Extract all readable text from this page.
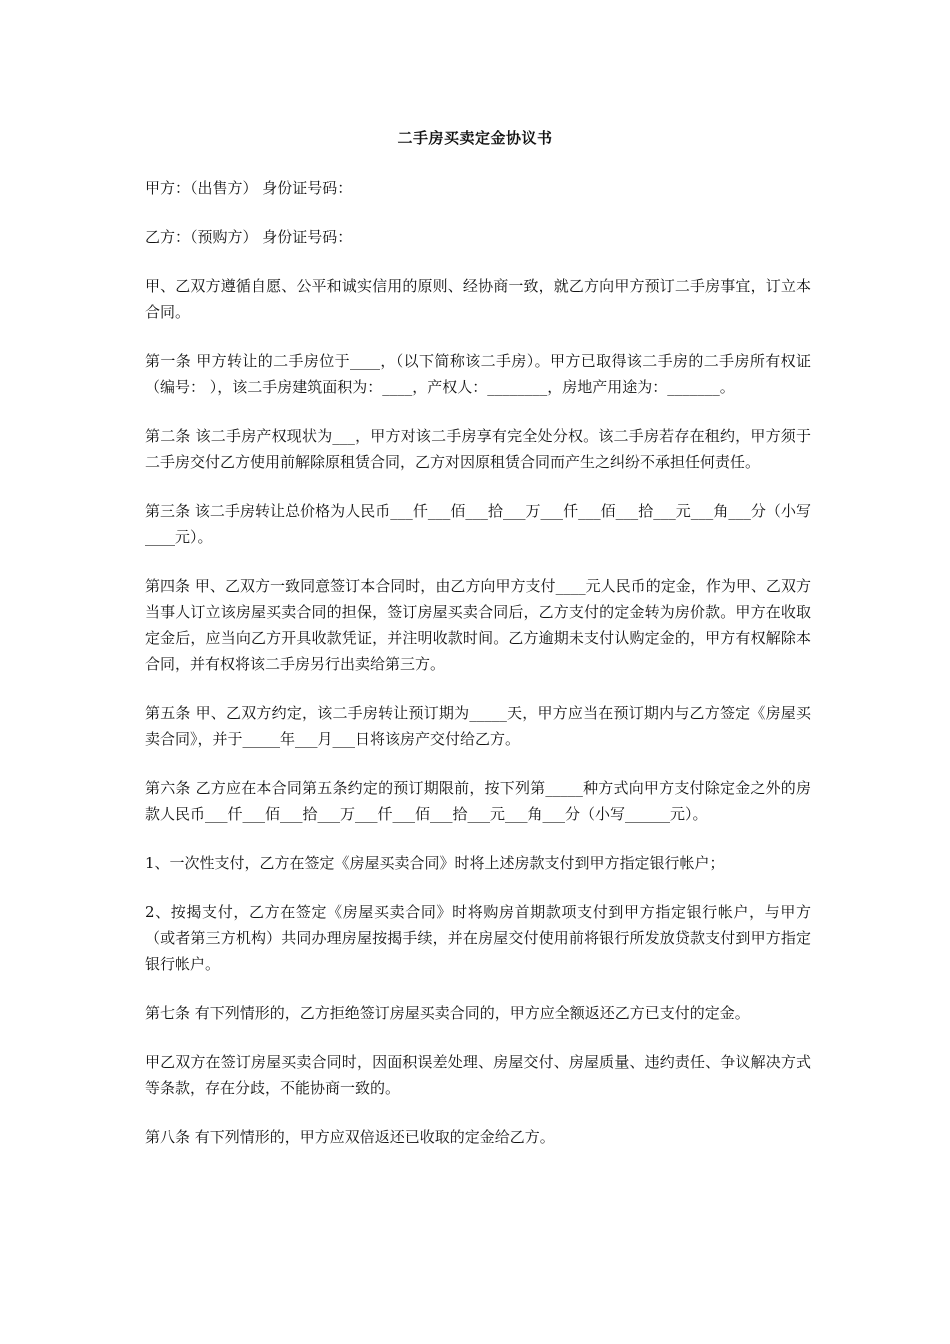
二手房买卖定金协议书

甲方：（出售方） 身份证号码：

乙方：（预购方） 身份证号码：

甲、乙双方遵循自愿、公平和诚实信用的原则、经协商一致，就乙方向甲方预订二手房事宜，订立本合同。

第一条 甲方转让的二手房位于____，（以下简称该二手房）。甲方已取得该二手房的二手房所有权证（编号： ），该二手房建筑面积为：____，产权人：________，房地产用途为：_______。

第二条 该二手房产权现状为___，甲方对该二手房享有完全处分权。该二手房若存在租约，甲方须于二手房交付乙方使用前解除原租赁合同，乙方对因原租赁合同而产生之纠纷不承担任何责任。

第三条 该二手房转让总价格为人民币___仟___佰___拾___万___仟___佰___拾___元___角___分（小写____元）。

第四条 甲、乙双方一致同意签订本合同时，由乙方向甲方支付____元人民币的定金，作为甲、乙双方当事人订立该房屋买卖合同的担保，签订房屋买卖合同后，乙方支付的定金转为房价款。甲方在收取定金后，应当向乙方开具收款凭证，并注明收款时间。乙方逾期未支付认购定金的，甲方有权解除本合同，并有权将该二手房另行出卖给第三方。

第五条 甲、乙双方约定，该二手房转让预订期为_____天，甲方应当在预订期内与乙方签定《房屋买卖合同》，并于_____年___月___日将该房产交付给乙方。

第六条 乙方应在本合同第五条约定的预订期限前，按下列第_____种方式向甲方支付除定金之外的房款人民币___仟___佰___拾___万___仟___佰___拾___元___角___分（小写______元）。

1、一次性支付，乙方在签定《房屋买卖合同》时将上述房款支付到甲方指定银行帐户；

2、按揭支付，乙方在签定《房屋买卖合同》时将购房首期款项支付到甲方指定银行帐户，与甲方（或者第三方机构）共同办理房屋按揭手续，并在房屋交付使用前将银行所发放贷款支付到甲方指定银行帐户。

第七条 有下列情形的，乙方拒绝签订房屋买卖合同的，甲方应全额返还乙方已支付的定金。

甲乙双方在签订房屋买卖合同时，因面积误差处理、房屋交付、房屋质量、违约责任、争议解决方式等条款，存在分歧，不能协商一致的。

第八条 有下列情形的，甲方应双倍返还已收取的定金给乙方。
